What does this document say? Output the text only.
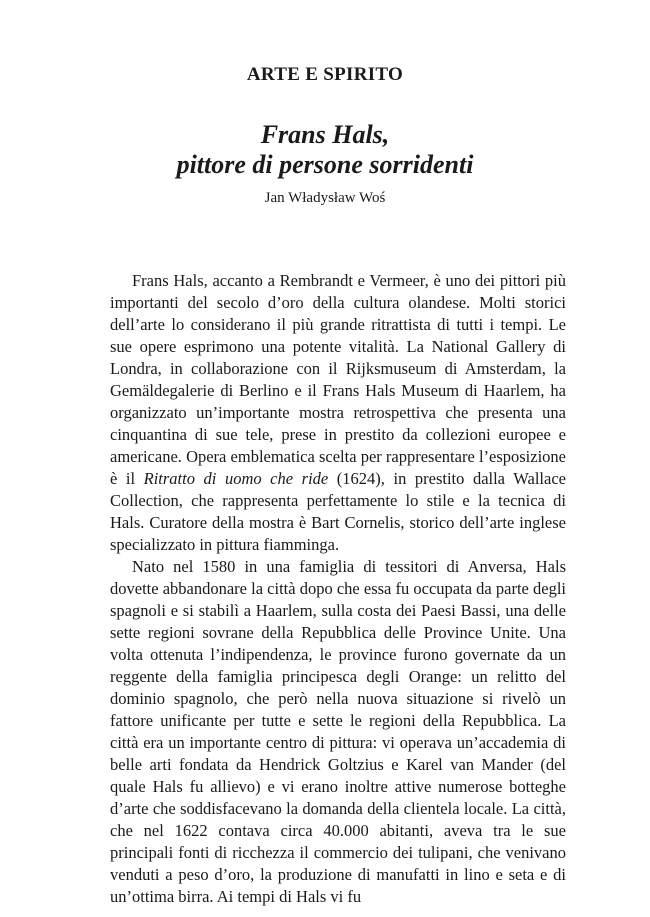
ARTE E SPIRITO
Frans Hals,
pittore di persone sorridenti
Jan Władysław Woś

Frans Hals, accanto a Rembrandt e Vermeer, è uno dei pittori più importanti del secolo d’oro della cultura olandese. Molti storici dell’arte lo considerano il più grande ritrattista di tutti i tempi. Le sue opere esprimono una potente vitalità. La National Gallery di Londra, in collaborazione con il Rijksmuseum di Amsterdam, la Gemäldegalerie di Berlino e il Frans Hals Museum di Haarlem, ha organizzato un’importante mostra retrospettiva che presenta una cinquantina di sue tele, prese in prestito da collezioni europee e americane. Opera emblematica scelta per rappresentare l’esposizione è il Ritratto di uomo che ride (1624), in prestito dalla Wallace Collection, che rappresenta perfettamente lo stile e la tecnica di Hals. Curatore della mostra è Bart Cornelis, storico dell’arte inglese specializzato in pittura fiamminga.

Nato nel 1580 in una famiglia di tessitori di Anversa, Hals dovette abbandonare la città dopo che essa fu occupata da parte degli spagnoli e si stabilì a Haarlem, sulla costa dei Paesi Bassi, una delle sette regioni sovrane della Repubblica delle Province Unite. Una volta ottenuta l’indipendenza, le province furono governate da un reggente della famiglia principesca degli Orange: un relitto del dominio spagnolo, che però nella nuova situazione si rivelò un fattore unificante per tutte e sette le regioni della Repubblica. La città era un importante centro di pittura: vi operava un’accademia di belle arti fondata da Hendrick Goltzius e Karel van Mander (del quale Hals fu allievo) e vi erano inoltre attive numerose botteghe d’arte che soddisfacevano la domanda della clientela locale. La città, che nel 1622 contava circa 40.000 abitanti, aveva tra le sue principali fonti di ricchezza il commercio dei tulipani, che venivano venduti a peso d’oro, la produzione di manufatti in lino e seta e di un’ottima birra. Ai tempi di Hals vi fu
